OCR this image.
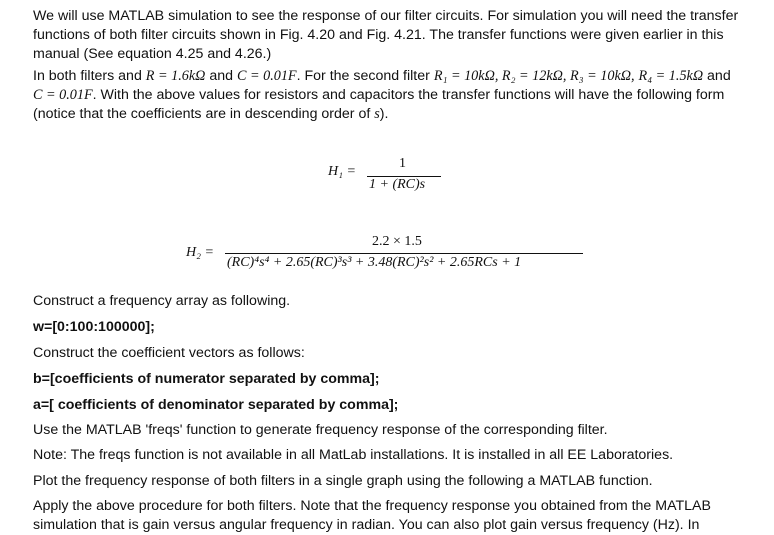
We will use MATLAB simulation to see the response of our filter circuits. For simulation you will need the transfer functions of both filter circuits shown in Fig. 4.20 and Fig. 4.21. The transfer functions were given earlier in this manual (See equation 4.25 and 4.26.)
In both filters and R = 1.6kΩ and C = 0.01F. For the second filter R₁ = 10kΩ, R₂ = 12kΩ, R₃ = 10kΩ, R₄ = 1.5kΩ and C = 0.01F. With the above values for resistors and capacitors the transfer functions will have the following form (notice that the coefficients are in descending order of s).
H₁ =
1
1 + (RC)s
H₂ =
2.2 × 1.5
(RC)⁴s⁴ + 2.65(RC)³s³ + 3.48(RC)²s² + 2.65RCs + 1
Construct a frequency array as following.
w=[0:100:100000];
Construct the coefficient vectors as follows:
b=[coefficients of numerator separated by comma];
a=[ coefficients of denominator separated by comma];
Use the MATLAB 'freqs' function to generate frequency response of the corresponding filter.
Note: The freqs function is not available in all MatLab installations. It is installed in all EE Laboratories.
Plot the frequency response of both filters in a single graph using the following a MATLAB function.
Apply the above procedure for both filters. Note that the frequency response you obtained from the MATLAB simulation that is gain versus angular frequency in radian. You can also plot gain versus frequency (Hz). In
